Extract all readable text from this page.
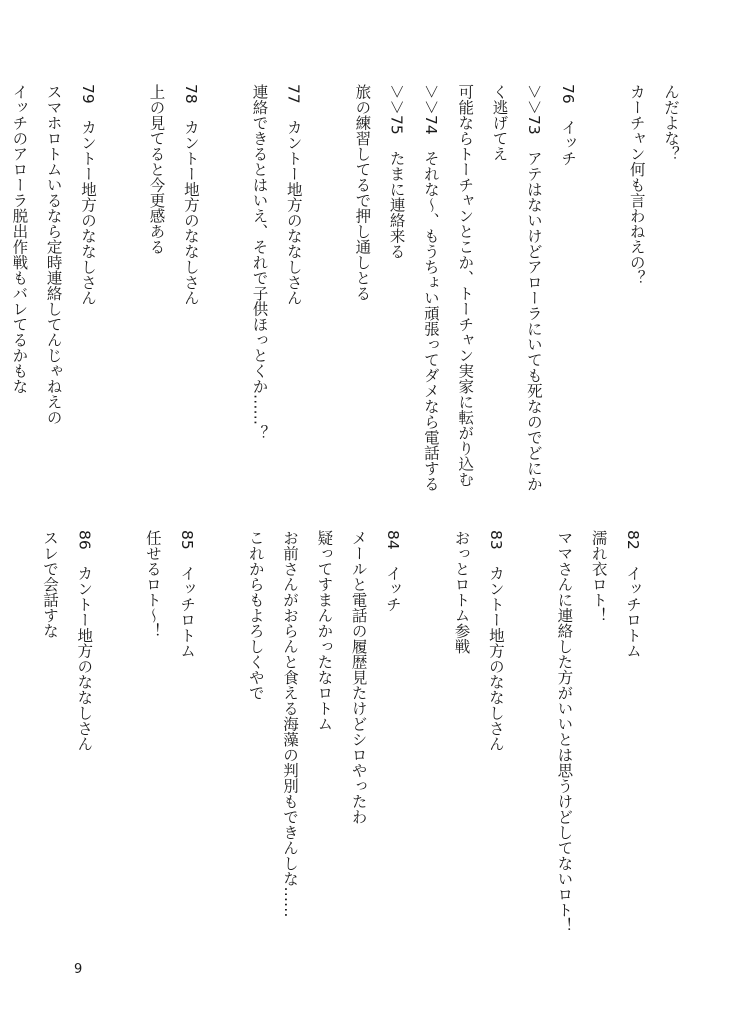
んだよな？
カーチャン何も言わねえの？

76　イッチ
＞＞73　アテはないけどアローラにいても死なのでどにか
く逃げてえ
可能ならトーチャンとこか、トーチャン実家に転がり込む
＞＞74　それな〜、もうちょい頑張ってダメなら電話する
＞＞75　たまに連絡来る
旅の練習してるで押し通しとる

77　カントー地方のななしさん
連絡できるとはいえ、それで子供ほっとくか……？

78　カントー地方のななしさん
上の見てると今更感ある

79　カントー地方のななしさん
スマホロトムいるなら定時連絡してんじゃねえの
イッチのアローラ脱出作戦もバレてるかもな

82　イッチロトム
濡れ衣ロト！
ママさんに連絡した方がいいとは思うけどしてないロト！

83　カントー地方のななしさん
おっとロトム参戦

84　イッチ
メールと電話の履歴見たけどシロやったわ
疑ってすまんかったなロトム
お前さんがおらんと食える海藻の判別もできんしな……
これからもよろしくやで

85　イッチロトム
任せるロト〜！

86　カントー地方のななしさん
スレで会話すな

9
